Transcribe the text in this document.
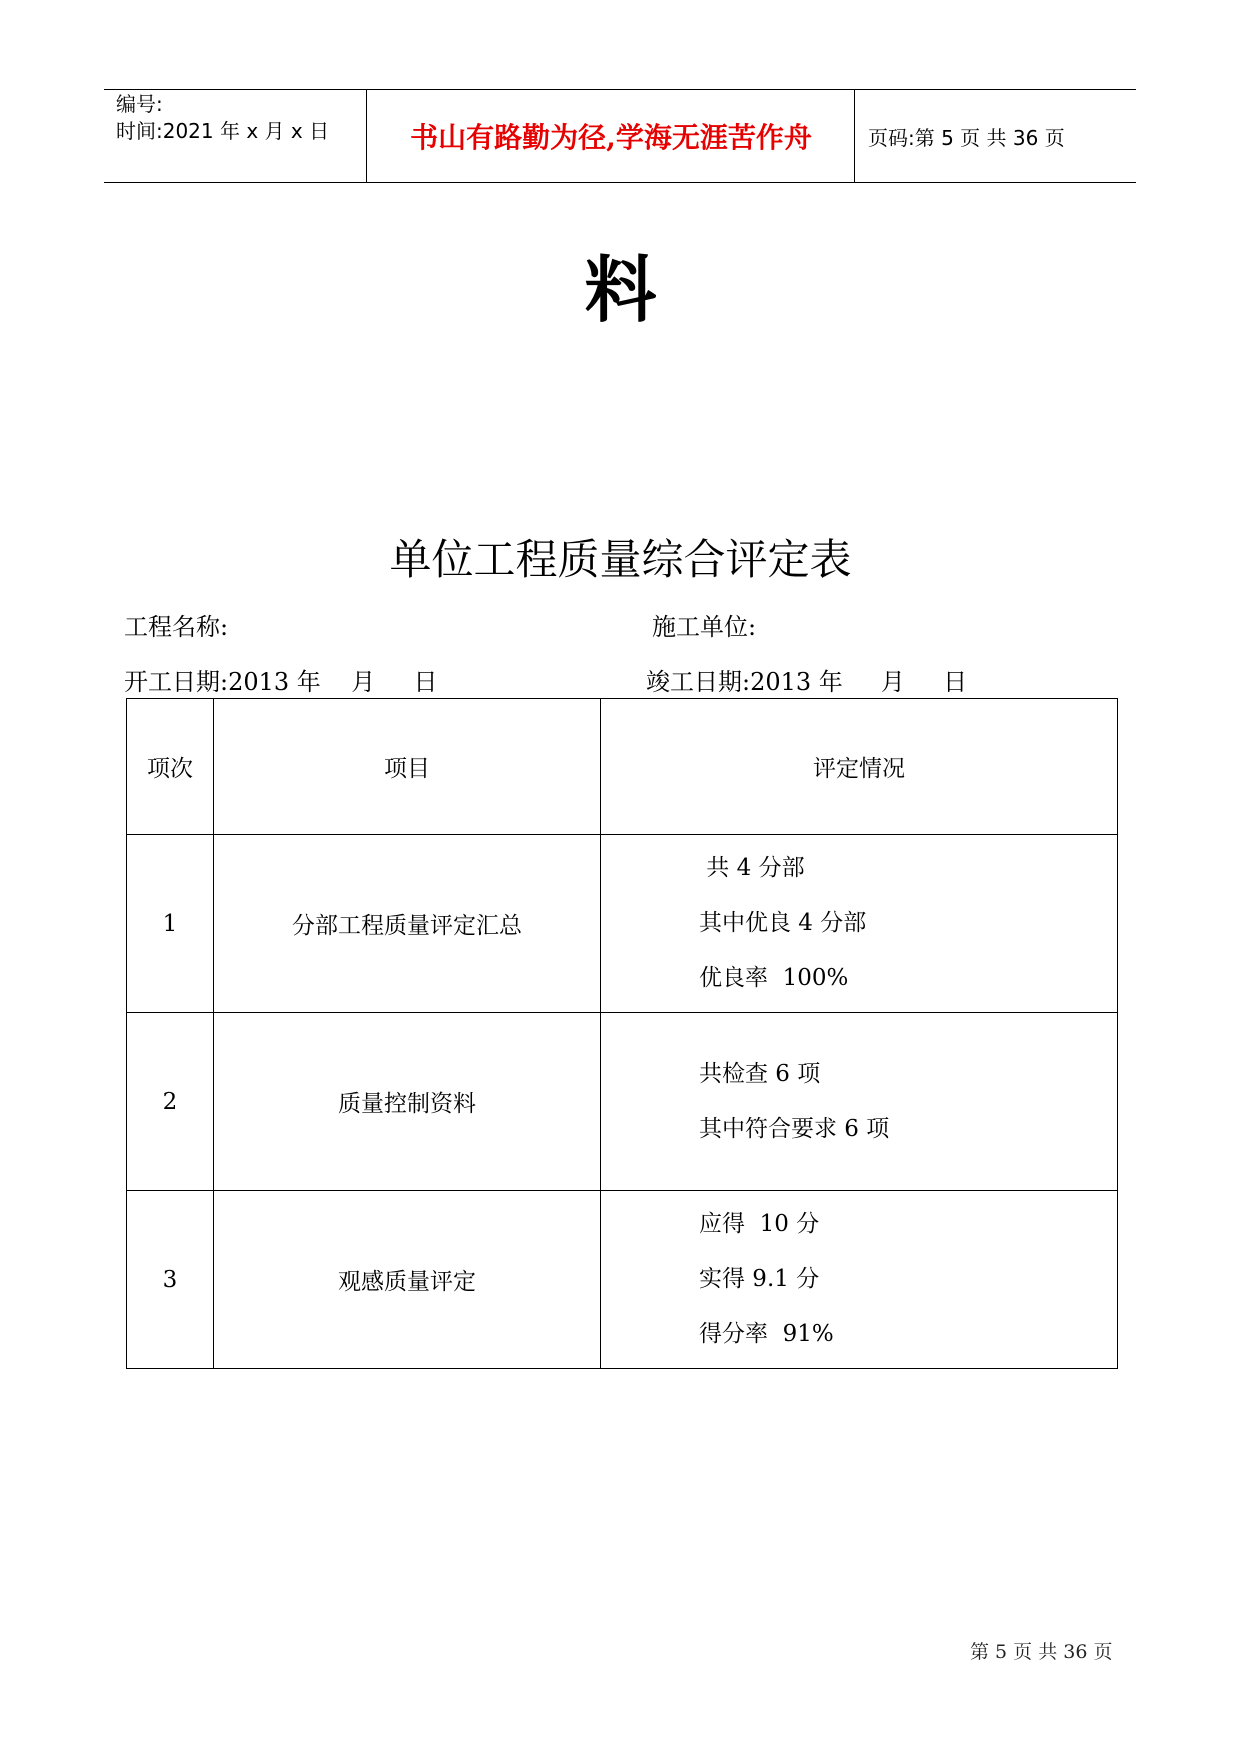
编号:
时间:2021 年 x 月 x 日	书山有路勤为径,学海无涯苦作舟	页码:第 5 页 共 36 页
料
单位工程质量综合评定表
工程名称:	施工单位:
开工日期:2013 年    月     日	竣工日期:2013 年     月     日
项次	项目	评定情况
1	分部工程质量评定汇总	共 4 分部
其中优良 4 分部
优良率  100%

2	质量控制资料	共检查 6 项
其中符合要求 6 项

3	观感质量评定	应得  10 分
实得 9.1 分
得分率  91%
第 5 页 共 36 页
